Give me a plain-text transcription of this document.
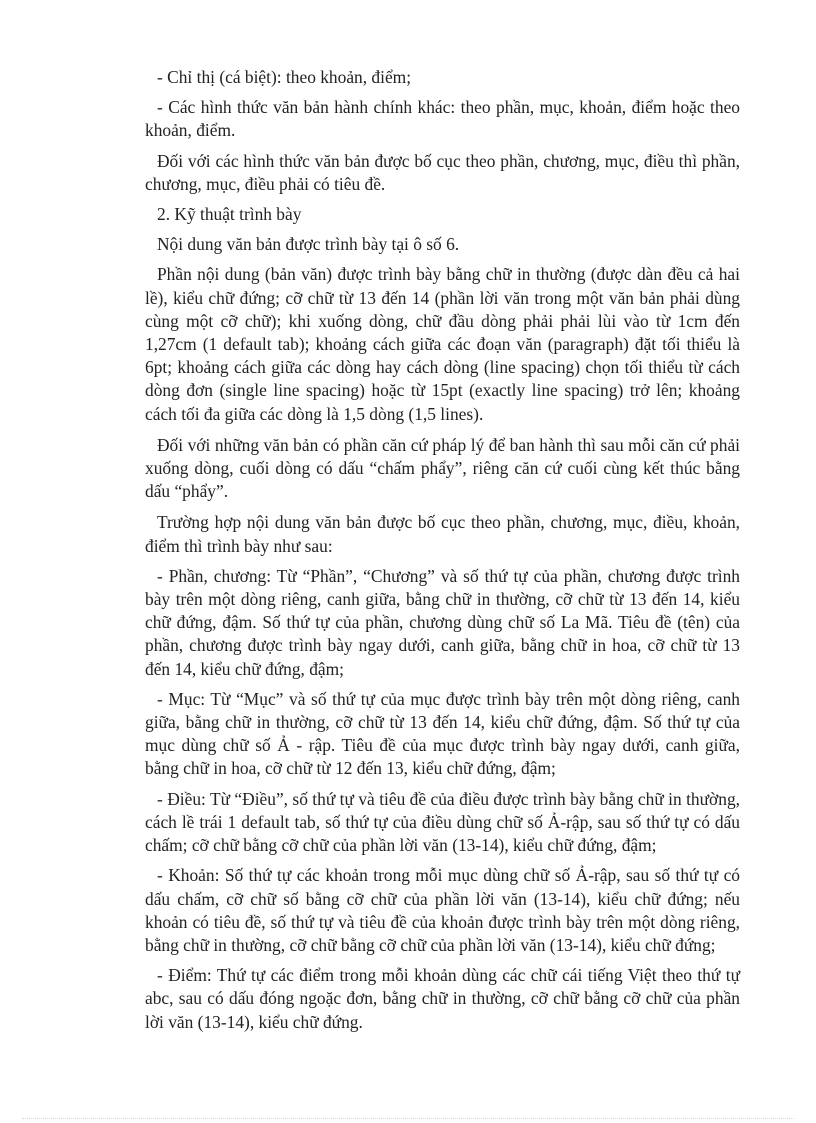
- Chỉ thị (cá biệt): theo khoản, điểm;

- Các hình thức văn bản hành chính khác: theo phần, mục, khoản, điểm hoặc theo khoản, điểm.

Đối với các hình thức văn bản được bố cục theo phần, chương, mục, điều thì phần, chương, mục, điều phải có tiêu đề.

2. Kỹ thuật trình bày

Nội dung văn bản được trình bày tại ô số 6.

Phần nội dung (bản văn) được trình bày bằng chữ in thường (được dàn đều cả hai lề), kiểu chữ đứng; cỡ chữ từ 13 đến 14 (phần lời văn trong một văn bản phải dùng cùng một cỡ chữ); khi xuống dòng, chữ đầu dòng phải phải lùi vào từ 1cm đến 1,27cm (1 default tab); khoảng cách giữa các đoạn văn (paragraph) đặt tối thiểu là 6pt; khoảng cách giữa các dòng hay cách dòng (line spacing) chọn tối thiểu từ cách dòng đơn (single line spacing) hoặc từ 15pt (exactly line spacing) trở lên; khoảng cách tối đa giữa các dòng là 1,5 dòng (1,5 lines).

Đối với những văn bản có phần căn cứ pháp lý để ban hành thì sau mỗi căn cứ phải xuống dòng, cuối dòng có dấu “chấm phẩy”, riêng căn cứ cuối cùng kết thúc bằng dấu “phẩy”.

Trường hợp nội dung văn bản được bố cục theo phần, chương, mục, điều, khoản, điểm thì trình bày như sau:

- Phần, chương: Từ “Phần”, “Chương” và số thứ tự của phần, chương được trình bày trên một dòng riêng, canh giữa, bằng chữ in thường, cỡ chữ từ 13 đến 14, kiểu chữ đứng, đậm. Số thứ tự của phần, chương dùng chữ số La Mã. Tiêu đề (tên) của phần, chương được trình bày ngay dưới, canh giữa, bằng chữ in hoa, cỡ chữ từ 13 đến 14, kiểu chữ đứng, đậm;

- Mục: Từ “Mục” và số thứ tự của mục được trình bày trên một dòng riêng, canh giữa, bằng chữ in thường, cỡ chữ từ 13 đến 14, kiểu chữ đứng, đậm. Số thứ tự của mục dùng chữ số Ả - rập. Tiêu đề của mục được trình bày ngay dưới, canh giữa, bằng chữ in hoa, cỡ chữ từ 12 đến 13, kiểu chữ đứng, đậm;

- Điều: Từ “Điều”, số thứ tự và tiêu đề của điều được trình bày bằng chữ in thường, cách lề trái 1 default tab, số thứ tự của điều dùng chữ số Ả-rập, sau số thứ tự có dấu chấm; cỡ chữ bằng cỡ chữ của phần lời văn (13-14), kiểu chữ đứng, đậm;

- Khoản: Số thứ tự các khoản trong mỗi mục dùng chữ số Ả-rập, sau số thứ tự có dấu chấm, cỡ chữ số bằng cỡ chữ của phần lời văn (13-14), kiểu chữ đứng; nếu khoản có tiêu đề, số thứ tự và tiêu đề của khoản được trình bày trên một dòng riêng, bằng chữ in thường, cỡ chữ bằng cỡ chữ của phần lời văn (13-14), kiểu chữ đứng;

- Điểm: Thứ tự các điểm trong mỗi khoản dùng các chữ cái tiếng Việt theo thứ tự abc, sau có dấu đóng ngoặc đơn, bằng chữ in thường, cỡ chữ bằng cỡ chữ của phần lời văn (13-14), kiểu chữ đứng.
